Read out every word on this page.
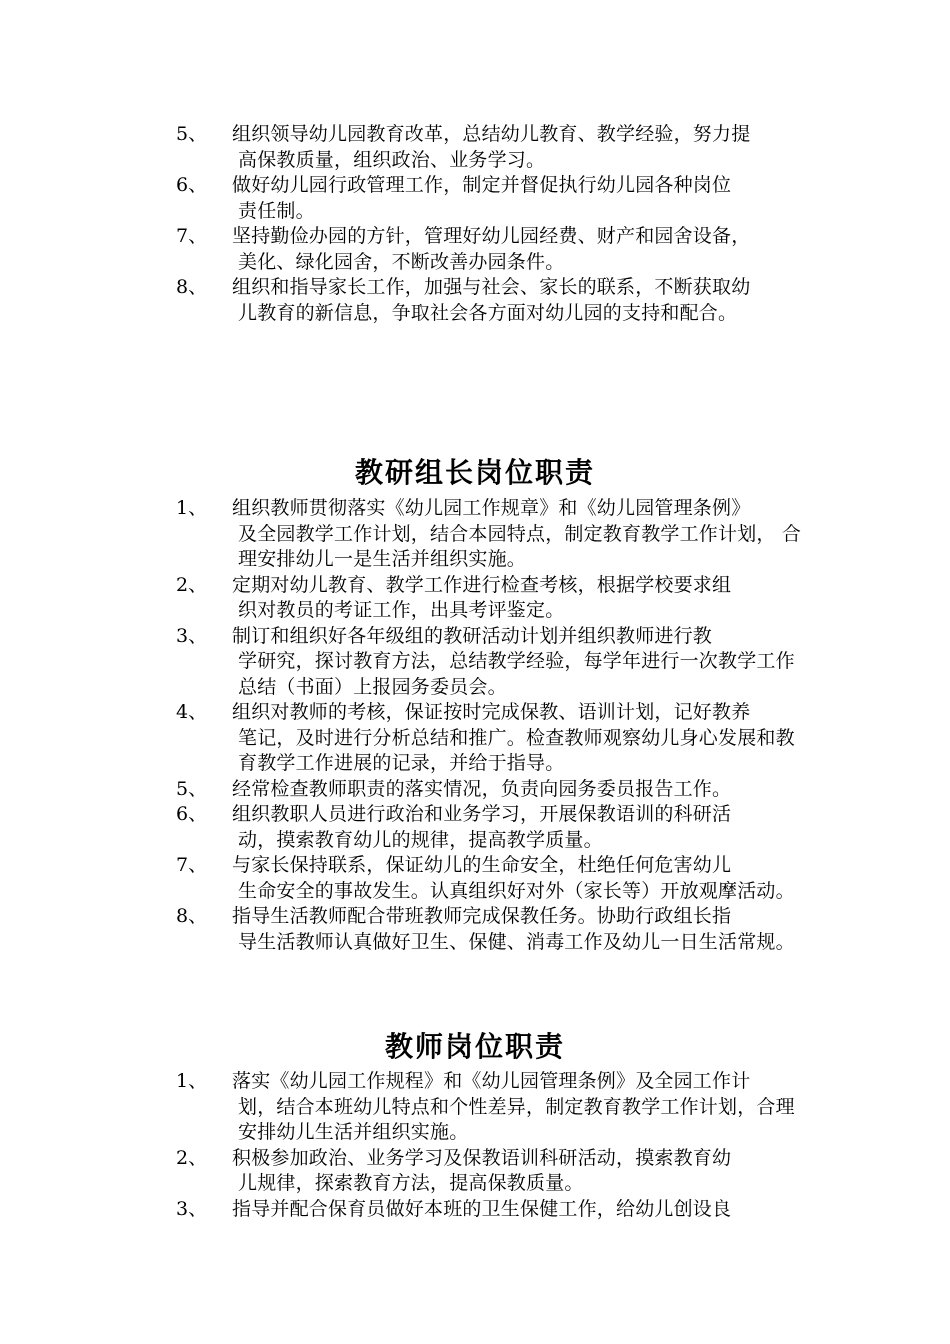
5、	组织领导幼儿园教育改革，总结幼儿教育、教学经验，努力提
高保教质量，组织政治、业务学习。
6、	做好幼儿园行政管理工作，制定并督促执行幼儿园各种岗位
责任制。
7、	坚持勤俭办园的方针，管理好幼儿园经费、财产和园舍设备，
美化、绿化园舍，不断改善办园条件。
8、	组织和指导家长工作，加强与社会、家长的联系，不断获取幼
儿教育的新信息，争取社会各方面对幼儿园的支持和配合。
教研组长岗位职责
1、	组织教师贯彻落实《幼儿园工作规章》和《幼儿园管理条例》
及全园教学工作计划，结合本园特点，制定教育教学工作计划， 合理安排幼儿一是生活并组织实施。
2、	定期对幼儿教育、教学工作进行检查考核，根据学校要求组
织对教员的考证工作，出具考评鉴定。
3、	制订和组织好各年级组的教研活动计划并组织教师进行教
学研究，探讨教育方法，总结教学经验，每学年进行一次教学工作总结（书面）上报园务委员会。
4、	组织对教师的考核，保证按时完成保教、语训计划，记好教养
笔记，及时进行分析总结和推广。检查教师观察幼儿身心发展和教育教学工作进展的记录，并给于指导。
5、	经常检查教师职责的落实情况，负责向园务委员报告工作。
6、	组织教职人员进行政治和业务学习，开展保教语训的科研活
动，摸索教育幼儿的规律，提高教学质量。
7、	与家长保持联系，保证幼儿的生命安全，杜绝任何危害幼儿
生命安全的事故发生。认真组织好对外（家长等）开放观摩活动。
8、	指导生活教师配合带班教师完成保教任务。协助行政组长指
导生活教师认真做好卫生、保健、消毒工作及幼儿一日生活常规。
教师岗位职责
1、	落实《幼儿园工作规程》和《幼儿园管理条例》及全园工作计
划，结合本班幼儿特点和个性差异，制定教育教学工作计划，合理安排幼儿生活并组织实施。
2、	积极参加政治、业务学习及保教语训科研活动，摸索教育幼
儿规律，探索教育方法，提高保教质量。
3、	指导并配合保育员做好本班的卫生保健工作，给幼儿创设良
